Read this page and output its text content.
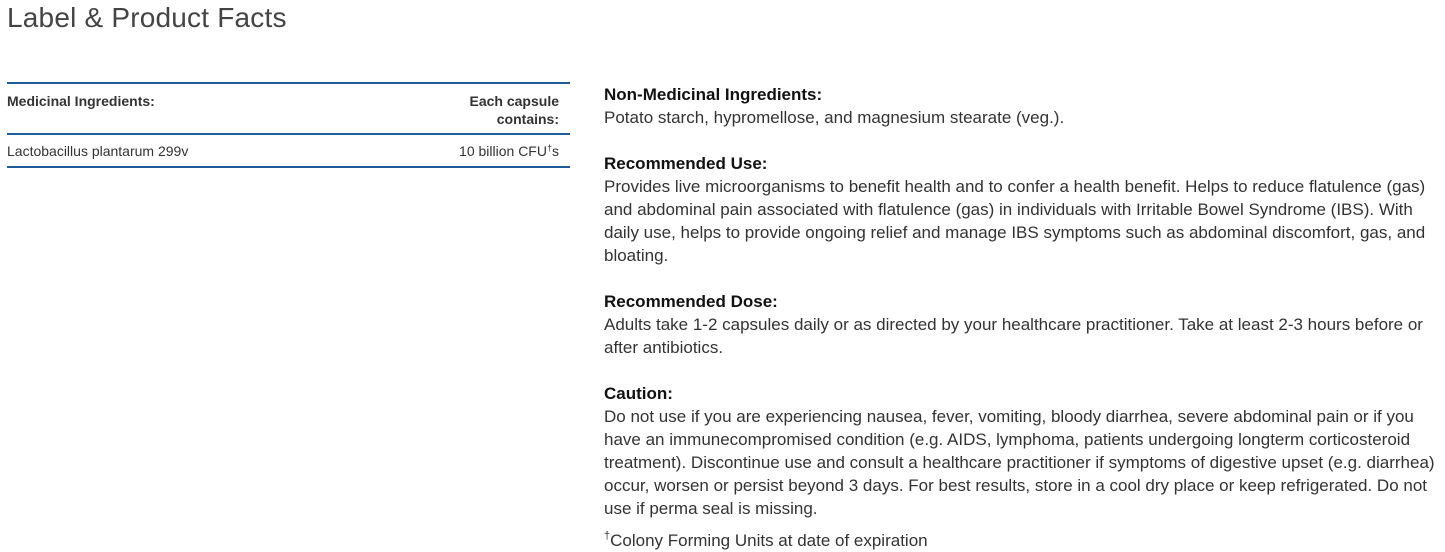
Label & Product Facts
Medicinal Ingredients:	Each capsule contains:
Lactobacillus plantarum 299v	10 billion CFU†s
Non-Medicinal Ingredients:
Potato starch, hypromellose, and magnesium stearate (veg.).
Recommended Use:
Provides live microorganisms to benefit health and to confer a health benefit. Helps to reduce flatulence (gas) and abdominal pain associated with flatulence (gas) in individuals with Irritable Bowel Syndrome (IBS). With daily use, helps to provide ongoing relief and manage IBS symptoms such as abdominal discomfort, gas, and bloating.
Recommended Dose:
Adults take 1-2 capsules daily or as directed by your healthcare practitioner. Take at least 2-3 hours before or after antibiotics.
Caution:
Do not use if you are experiencing nausea, fever, vomiting, bloody diarrhea, severe abdominal pain or if you have an immunecompromised condition (e.g. AIDS, lymphoma, patients undergoing longterm corticosteroid treatment). Discontinue use and consult a healthcare practitioner if symptoms of digestive upset (e.g. diarrhea) occur, worsen or persist beyond 3 days. For best results, store in a cool dry place or keep refrigerated. Do not use if perma seal is missing.
†Colony Forming Units at date of expiration
